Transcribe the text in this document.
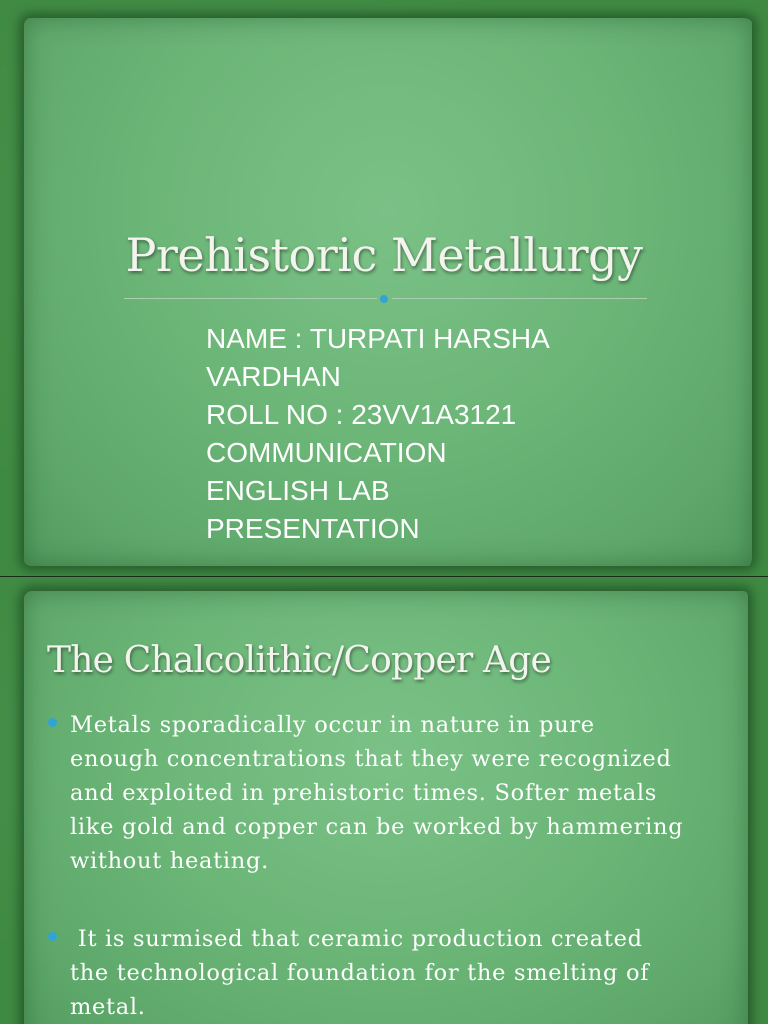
Prehistoric Metallurgy
NAME : TURPATI HARSHA
VARDHAN
ROLL NO : 23VV1A3121
COMMUNICATION
ENGLISH LAB
PRESENTATION
The Chalcolithic/Copper Age
Metals sporadically occur in nature in pure
enough concentrations that they were recognized
and exploited in prehistoric times. Softer metals
like gold and copper can be worked by hammering
without heating.
It is surmised that ceramic production created
the technological foundation for the smelting of
metal.
